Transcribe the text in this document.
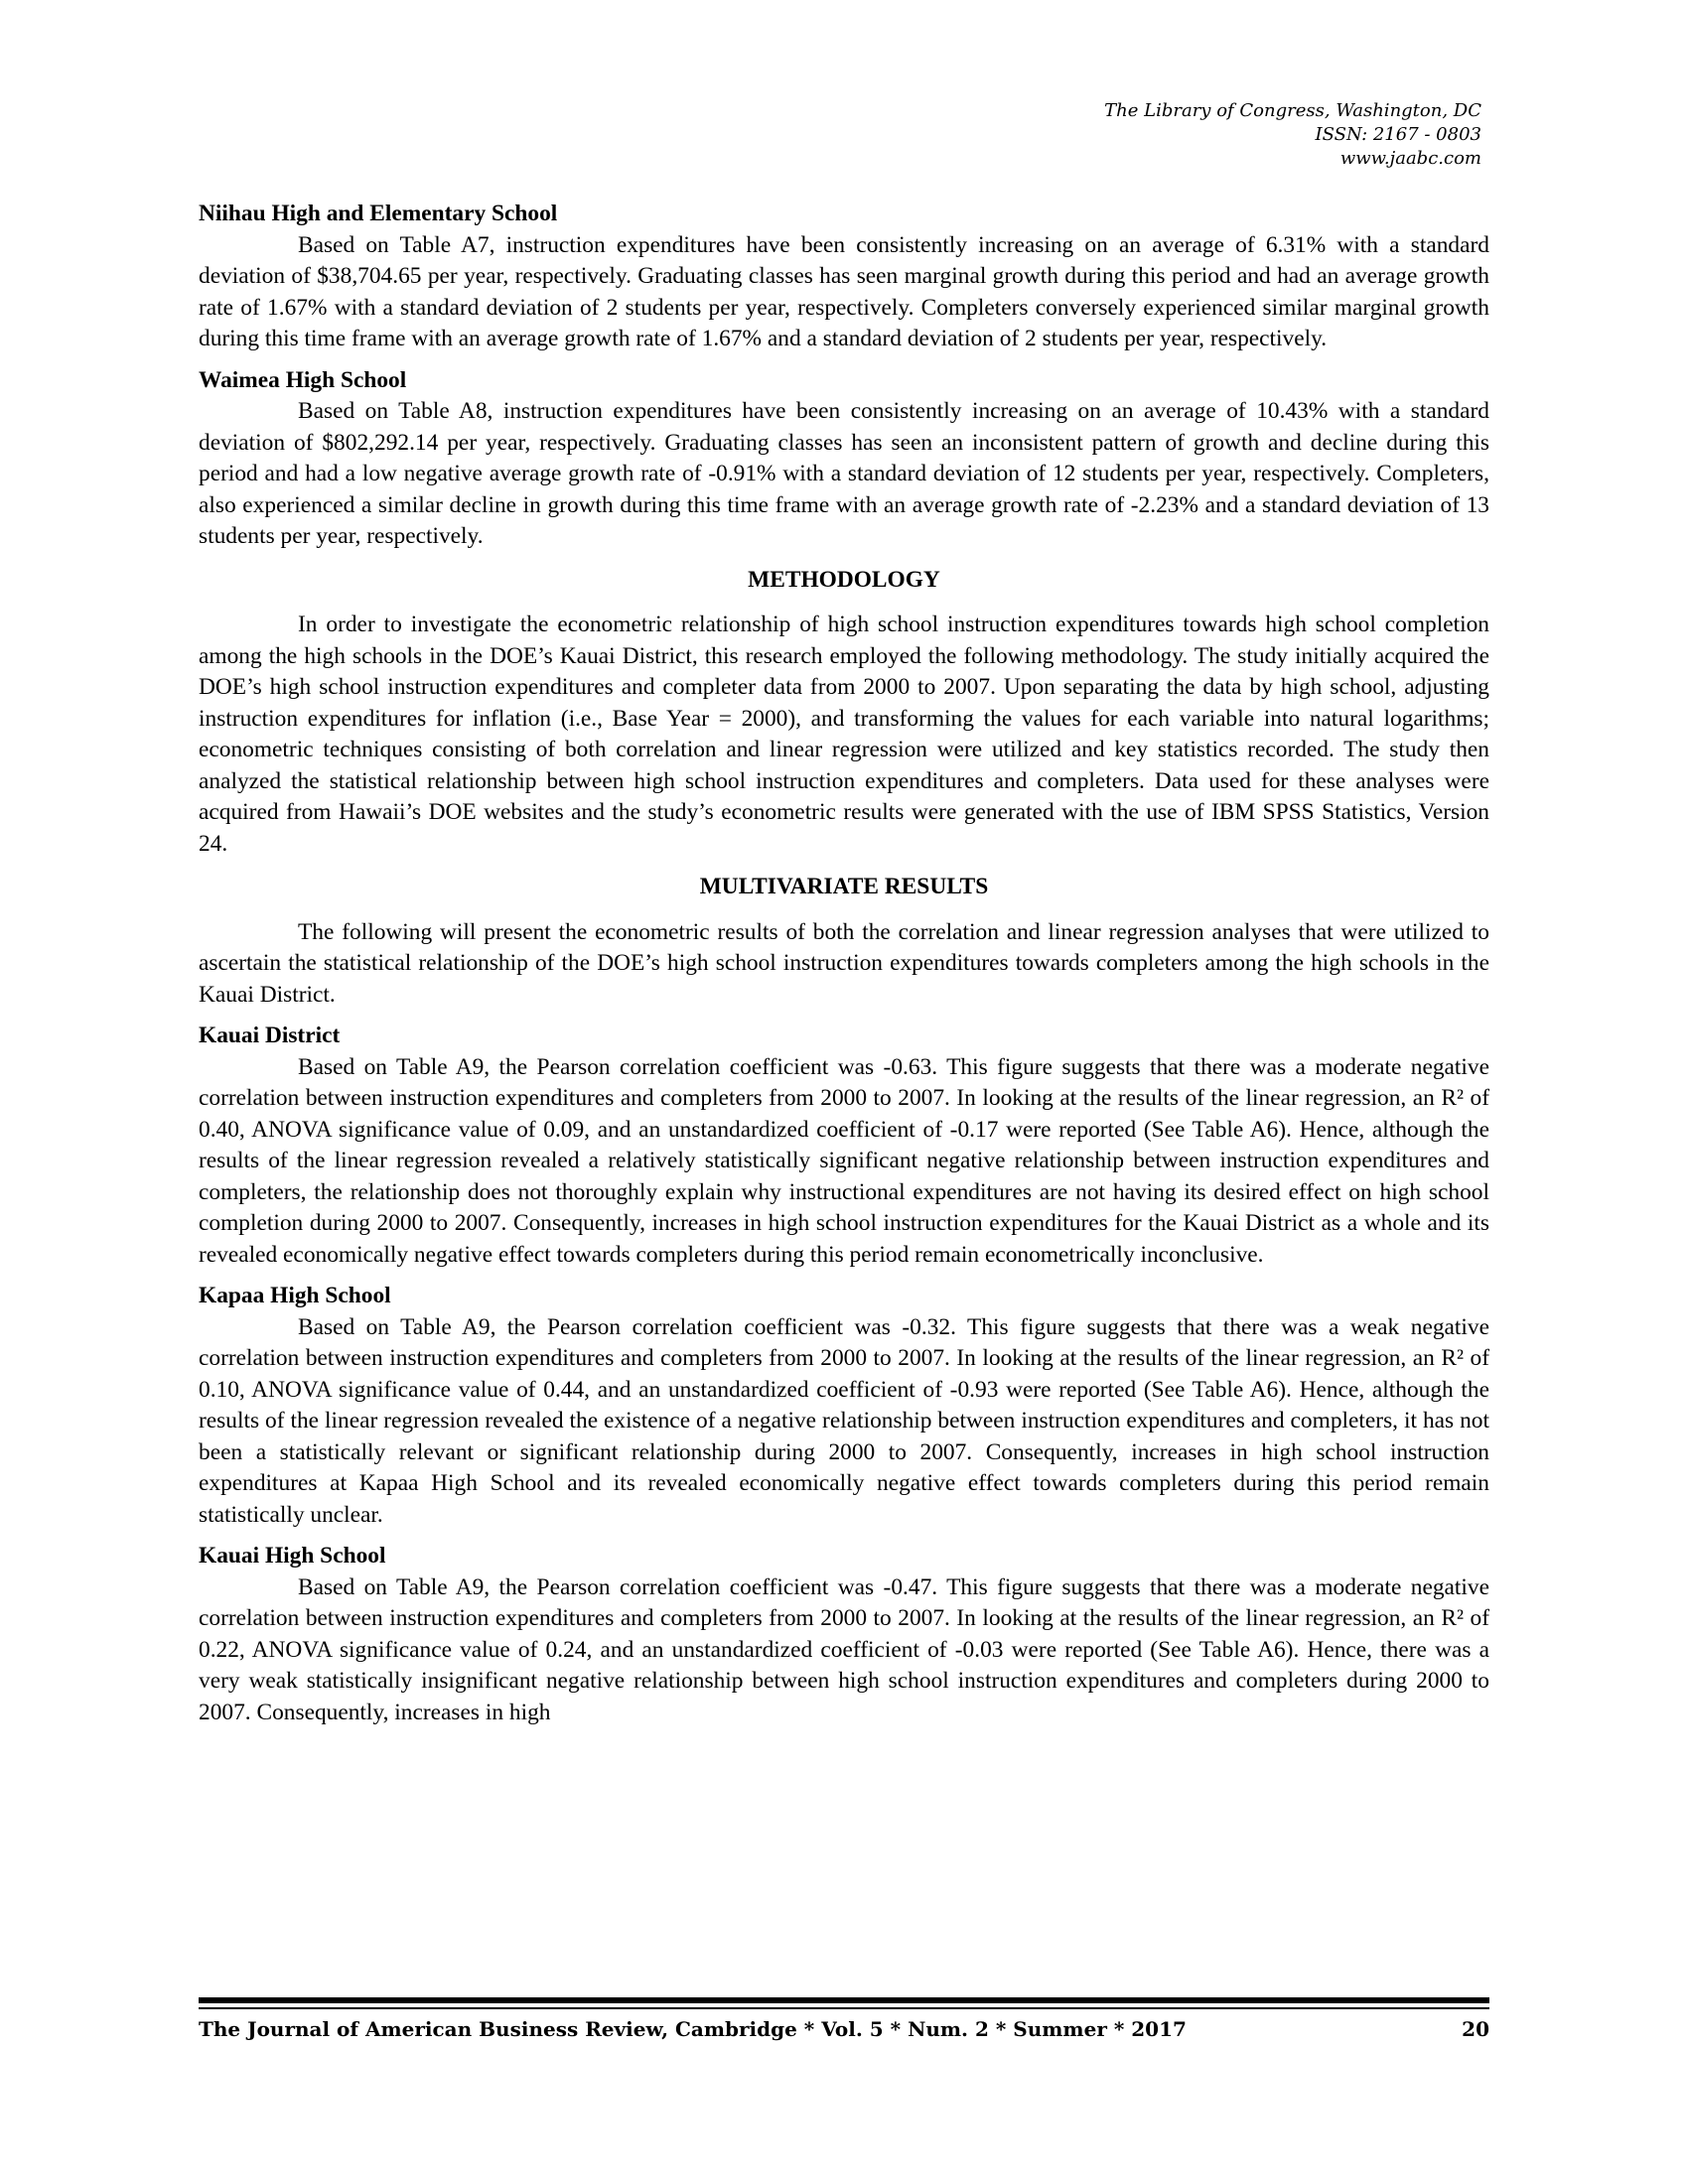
The Library of Congress, Washington, DC
ISSN: 2167 - 0803
www.jaabc.com
Niihau High and Elementary School

Based on Table A7, instruction expenditures have been consistently increasing on an average of 6.31% with a standard deviation of $38,704.65 per year, respectively. Graduating classes has seen marginal growth during this period and had an average growth rate of 1.67% with a standard deviation of 2 students per year, respectively. Completers conversely experienced similar marginal growth during this time frame with an average growth rate of 1.67% and a standard deviation of 2 students per year, respectively.

Waimea High School

Based on Table A8, instruction expenditures have been consistently increasing on an average of 10.43% with a standard deviation of $802,292.14 per year, respectively. Graduating classes has seen an inconsistent pattern of growth and decline during this period and had a low negative average growth rate of -0.91% with a standard deviation of 12 students per year, respectively. Completers, also experienced a similar decline in growth during this time frame with an average growth rate of -2.23% and a standard deviation of 13 students per year, respectively.

METHODOLOGY

In order to investigate the econometric relationship of high school instruction expenditures towards high school completion among the high schools in the DOE’s Kauai District, this research employed the following methodology. The study initially acquired the DOE’s high school instruction expenditures and completer data from 2000 to 2007. Upon separating the data by high school, adjusting instruction expenditures for inflation (i.e., Base Year = 2000), and transforming the values for each variable into natural logarithms; econometric techniques consisting of both correlation and linear regression were utilized and key statistics recorded. The study then analyzed the statistical relationship between high school instruction expenditures and completers. Data used for these analyses were acquired from Hawaii’s DOE websites and the study’s econometric results were generated with the use of IBM SPSS Statistics, Version 24.

MULTIVARIATE RESULTS

The following will present the econometric results of both the correlation and linear regression analyses that were utilized to ascertain the statistical relationship of the DOE’s high school instruction expenditures towards completers among the high schools in the Kauai District.

Kauai District

Based on Table A9, the Pearson correlation coefficient was -0.63. This figure suggests that there was a moderate negative correlation between instruction expenditures and completers from 2000 to 2007. In looking at the results of the linear regression, an R² of 0.40, ANOVA significance value of 0.09, and an unstandardized coefficient of -0.17 were reported (See Table A6). Hence, although the results of the linear regression revealed a relatively statistically significant negative relationship between instruction expenditures and completers, the relationship does not thoroughly explain why instructional expenditures are not having its desired effect on high school completion during 2000 to 2007. Consequently, increases in high school instruction expenditures for the Kauai District as a whole and its revealed economically negative effect towards completers during this period remain econometrically inconclusive.

Kapaa High School

Based on Table A9, the Pearson correlation coefficient was -0.32. This figure suggests that there was a weak negative correlation between instruction expenditures and completers from 2000 to 2007. In looking at the results of the linear regression, an R² of 0.10, ANOVA significance value of 0.44, and an unstandardized coefficient of -0.93 were reported (See Table A6). Hence, although the results of the linear regression revealed the existence of a negative relationship between instruction expenditures and completers, it has not been a statistically relevant or significant relationship during 2000 to 2007. Consequently, increases in high school instruction expenditures at Kapaa High School and its revealed economically negative effect towards completers during this period remain statistically unclear.

Kauai High School

Based on Table A9, the Pearson correlation coefficient was -0.47. This figure suggests that there was a moderate negative correlation between instruction expenditures and completers from 2000 to 2007. In looking at the results of the linear regression, an R² of 0.22, ANOVA significance value of 0.24, and an unstandardized coefficient of -0.03 were reported (See Table A6). Hence, there was a very weak statistically insignificant negative relationship between high school instruction expenditures and completers during 2000 to 2007. Consequently, increases in high

The Journal of American Business Review, Cambridge * Vol. 5 * Num. 2 * Summer * 2017	20
